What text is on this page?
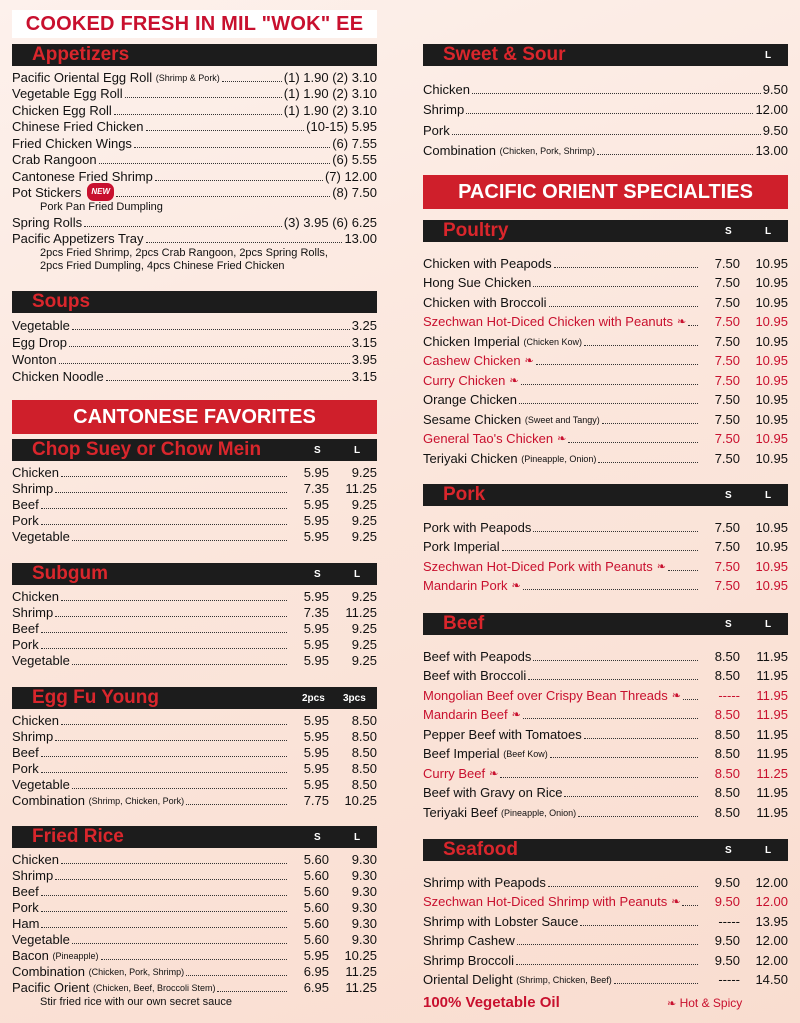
COOKED FRESH IN MIL "WOK" EE
Appetizers
Pacific Oriental Egg Roll
(Shrimp & Pork)	(1) 1.90 (2) 3.10
Vegetable Egg Roll	(1) 1.90 (2) 3.10
Chicken Egg Roll	(1) 1.90 (2) 3.10
Chinese Fried Chicken	(10-15) 5.95
Fried Chicken Wings	(6) 7.55
Crab Rangoon	(6) 5.55
Cantonese Fried Shrimp	(7) 12.00
Pot Stickers	NEW	(8) 7.50
Pork Pan Fried Dumpling
Spring Rolls	(3) 3.95 (6) 6.25
Pacific Appetizers Tray	13.00
2pcs Fried Shrimp, 2pcs Crab Rangoon, 2pcs Spring Rolls, 2pcs Fried Dumpling, 4pcs Chinese Fried Chicken
Soups
Vegetable	3.25
Egg Drop	3.15
Wonton	3.95
Chicken Noodle	3.15
CANTONESE FAVORITES
Chop Suey or Chow Mein	S	L
Chicken	5.95	9.25
Shrimp	7.35	11.25
Beef	5.95	9.25
Pork	5.95	9.25
Vegetable	5.95	9.25
Subgum	S	L
Chicken	5.95	9.25
Shrimp	7.35	11.25
Beef	5.95	9.25
Pork	5.95	9.25
Vegetable	5.95	9.25
Egg Fu Young	2pcs 3pcs
Chicken	5.95	8.50
Shrimp	5.95	8.50
Beef	5.95	8.50
Pork	5.95	8.50
Vegetable	5.95	8.50
Combination
(Shrimp, Chicken, Pork)	7.75	10.25
Fried Rice	S	L
Chicken	5.60	9.30
Shrimp	5.60	9.30
Beef	5.60	9.30
Pork	5.60	9.30
Ham	5.60	9.30
Vegetable	5.60	9.30
Bacon
(Pineapple)	5.95	10.25
Combination
(Chicken, Pork, Shrimp)	6.95	11.25
Pacific Orient
(Chicken, Beef, Broccoli Stem)	6.95	11.25
Stir fried rice with our own secret sauce
Sweet & Sour	L
Chicken	9.50
Shrimp	12.00
Pork	9.50
Combination
(Chicken, Pork, Shrimp)	13.00
PACIFIC ORIENT SPECIALTIES
Poultry	S	L
Chicken with Peapods	7.50	10.95
Hong Sue Chicken	7.50	10.95
Chicken with Broccoli	7.50	10.95
Szechwan Hot-Diced Chicken with Peanuts ❧	7.50	10.95
Chicken Imperial
(Chicken Kow)	7.50	10.95
Cashew Chicken ❧	7.50	10.95
Curry Chicken ❧	7.50	10.95
Orange Chicken	7.50	10.95
Sesame Chicken
(Sweet and Tangy)	7.50	10.95
General Tao's Chicken ❧	7.50	10.95
Teriyaki Chicken
(Pineapple, Onion)	7.50	10.95
Pork	S	L
Pork with Peapods	7.50	10.95
Pork Imperial	7.50	10.95
Szechwan Hot-Diced Pork with Peanuts ❧	7.50	10.95
Mandarin Pork ❧	7.50	10.95
Beef	S	L
Beef with Peapods	8.50	11.95
Beef with Broccoli	8.50	11.95
Mongolian Beef over Crispy Bean Threads ❧	-----	11.95
Mandarin Beef ❧	8.50	11.95
Pepper Beef with Tomatoes	8.50	11.95
Beef Imperial
(Beef Kow)	8.50	11.95
Curry Beef ❧	8.50	11.25
Beef with Gravy on Rice	8.50	11.95
Teriyaki Beef
(Pineapple, Onion)	8.50	11.95
Seafood	S	L
Shrimp with Peapods	9.50	12.00
Szechwan Hot-Diced Shrimp with Peanuts ❧	9.50	12.00
Shrimp with Lobster Sauce	-----	13.95
Shrimp Cashew	9.50	12.00
Shrimp Broccoli	9.50	12.00
Oriental Delight
(Shrimp, Chicken, Beef)	-----	14.50
100% Vegetable Oil	❧ Hot & Spicy
